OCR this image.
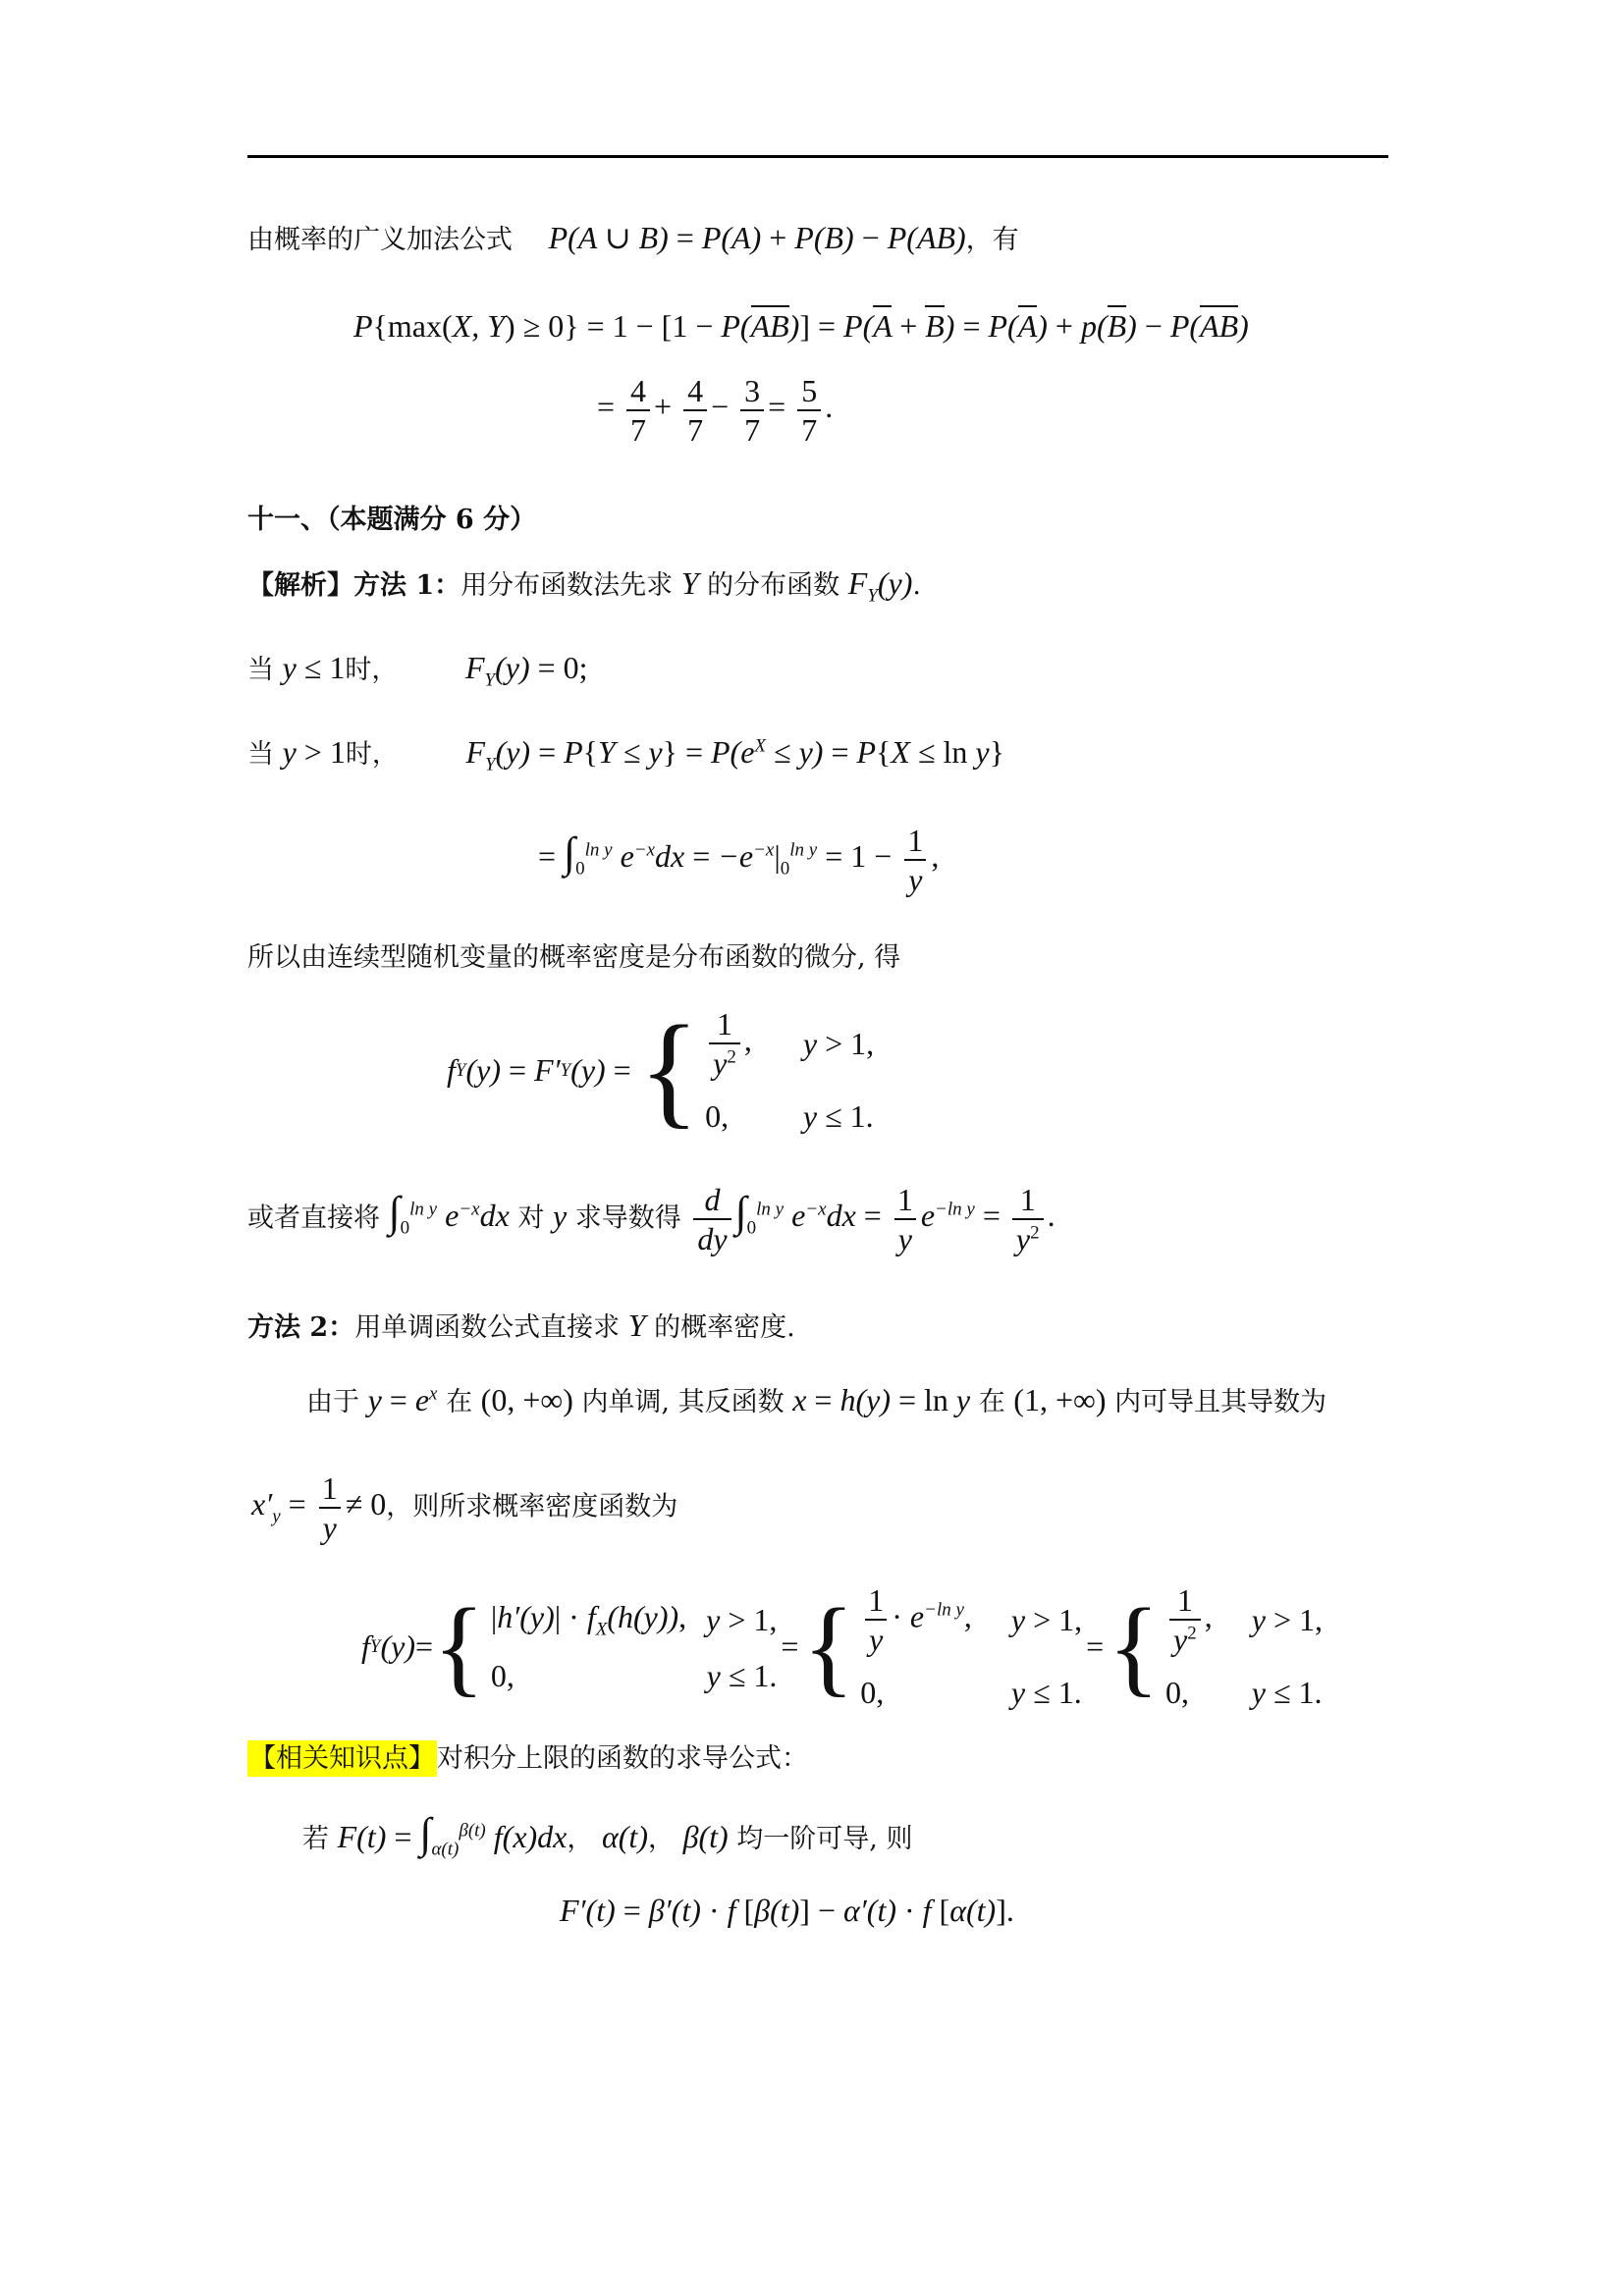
由概率的广义加法公式 P(A ∪ B) = P(A) + P(B) − P(AB)，有
P{max(X, Y) ≥ 0} = 1 − [1 − P(AB)] = P(A + B) = P(A) + p(B) − P(AB)
= $\frac{4}{7} + \frac{4}{7} - \frac{3}{7} = \frac{5}{7}$ .
十一、（本题满分 6 分）
【解析】方法 1：用分布函数法先求 Y 的分布函数 $F_Y(y)$.
当 y ≤ 1时， $F_Y(y) = 0$;
当 y > 1时， $F_Y(y) = P\{Y \le y\} = P(e^X \le y) = P\{X \le \ln y\}$
= $\int_0^{ln y}$ $e^{-x}dx = -e^{-x}|_0^{ln y} = 1 - \frac{1}{y}$ ,
所以由连续型随机变量的概率密度是分布函数的微分, 得
f Y (y) = F′ Y (y) = { $\frac{1}{y^2}$ , y > 1,
0,	y ≤ 1.
或者直接将 $\int_0^{ln y}$ $e^{-x}dx$ 对 y 求导数得 $\frac{d}{dy} \int_0^{ln y}$ $e^{-x}dx = \frac{1}{y} e^{-ln y} = \frac{1}{y^2}$ .
方法 2：用单调函数公式直接求 Y 的概率密度.
由于 $y = e^x$ 在 (0, +∞) 内单调, 其反函数 x = h(y) = ln y 在 (1, +∞) 内可导且其导数为
$x'_y = \frac{1}{y} \ne 0$，则所求概率密度函数为
f Y (y) = { $|h'(y)| \cdot f_X(h(y))$, y > 1,
0,	y ≤ 1.
= { $\frac{1}{y} \cdot e^{-ln y}$, y > 1,
0,	y ≤ 1.
= { $\frac{1}{y^2}$ , y > 1,
0,	y ≤ 1.
【相关知识点】对积分上限的函数的求导公式：
若 $F(t) = \int_{\alpha(t)}^{\beta(t)}$ f(x)dx， α(t)， β(t) 均一阶可导, 则
F′(t) = β′(t) · f [β(t)] − α′(t) · f [α(t)].
